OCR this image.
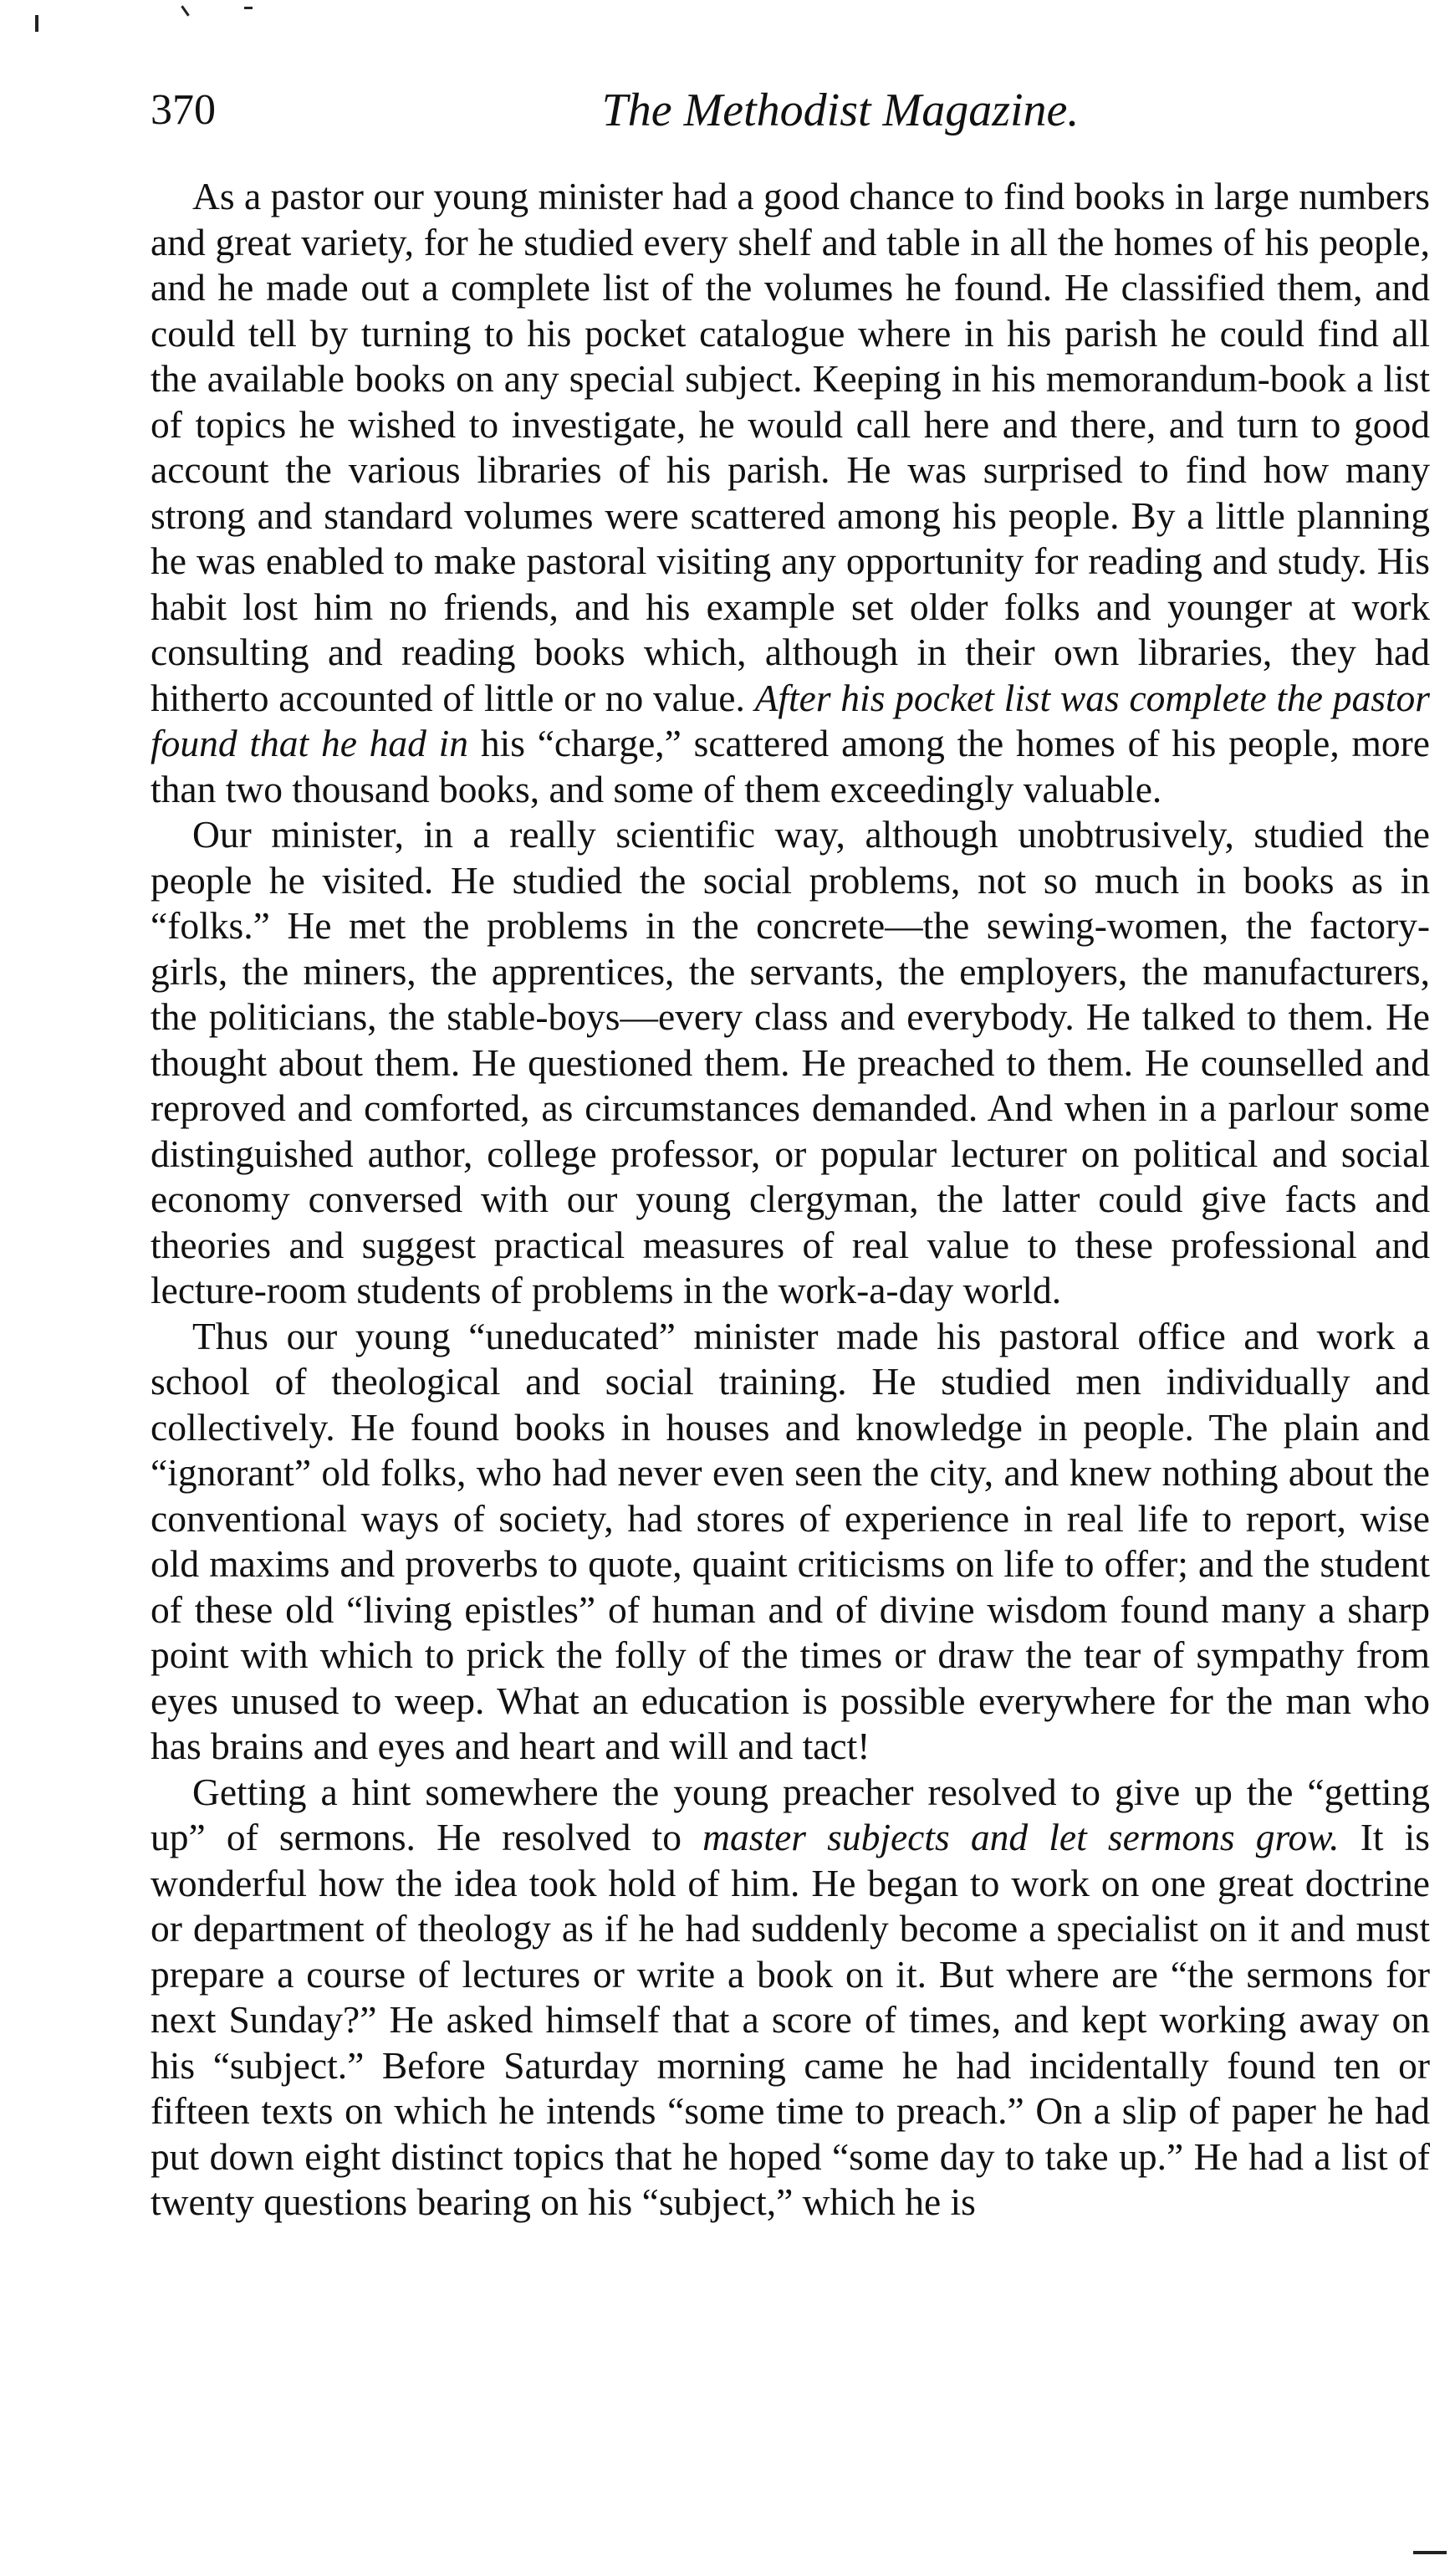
370	The Methodist Magazine.

As a pastor our young minister had a good chance to find books in large numbers and great variety, for he studied every shelf and table in all the homes of his people, and he made out a complete list of the volumes he found. He classified them, and could tell by turning to his pocket catalogue where in his parish he could find all the available books on any special subject. Keeping in his memorandum-book a list of topics he wished to investigate, he would call here and there, and turn to good account the various libraries of his parish. He was surprised to find how many strong and standard volumes were scattered among his people. By a little planning he was enabled to make pastoral visiting any opportunity for reading and study. His habit lost him no friends, and his example set older folks and younger at work consulting and reading books which, although in their own libraries, they had hitherto accounted of little or no value. After his pocket list was complete the pastor found that he had in his “charge,” scattered among the homes of his people, more than two thousand books, and some of them exceedingly valuable.

Our minister, in a really scientific way, although unobtrusively, studied the people he visited. He studied the social problems, not so much in books as in “folks.” He met the problems in the concrete—the sewing-women, the factory-girls, the miners, the apprentices, the servants, the employers, the manufacturers, the politicians, the stable-boys—every class and everybody. He talked to them. He thought about them. He questioned them. He preached to them. He counselled and reproved and comforted, as circumstances demanded. And when in a parlour some distinguished author, college professor, or popular lecturer on political and social economy conversed with our young clergyman, the latter could give facts and theories and suggest practical measures of real value to these professional and lecture-room students of problems in the work-a-day world.

Thus our young “uneducated” minister made his pastoral office and work a school of theological and social training. He studied men individually and collectively. He found books in houses and knowledge in people. The plain and “ignorant” old folks, who had never even seen the city, and knew nothing about the conventional ways of society, had stores of experience in real life to report, wise old maxims and proverbs to quote, quaint criticisms on life to offer; and the student of these old “living epistles” of human and of divine wisdom found many a sharp point with which to prick the folly of the times or draw the tear of sympathy from eyes unused to weep. What an education is possible everywhere for the man who has brains and eyes and heart and will and tact!

Getting a hint somewhere the young preacher resolved to give up the “getting up” of sermons. He resolved to master subjects and let sermons grow. It is wonderful how the idea took hold of him. He began to work on one great doctrine or department of theology as if he had suddenly become a specialist on it and must prepare a course of lectures or write a book on it. But where are “the sermons for next Sunday?” He asked himself that a score of times, and kept working away on his “subject.” Before Saturday morning came he had incidentally found ten or fifteen texts on which he intends “some time to preach.” On a slip of paper he had put down eight distinct topics that he hoped “some day to take up.” He had a list of twenty questions bearing on his “subject,” which he is
